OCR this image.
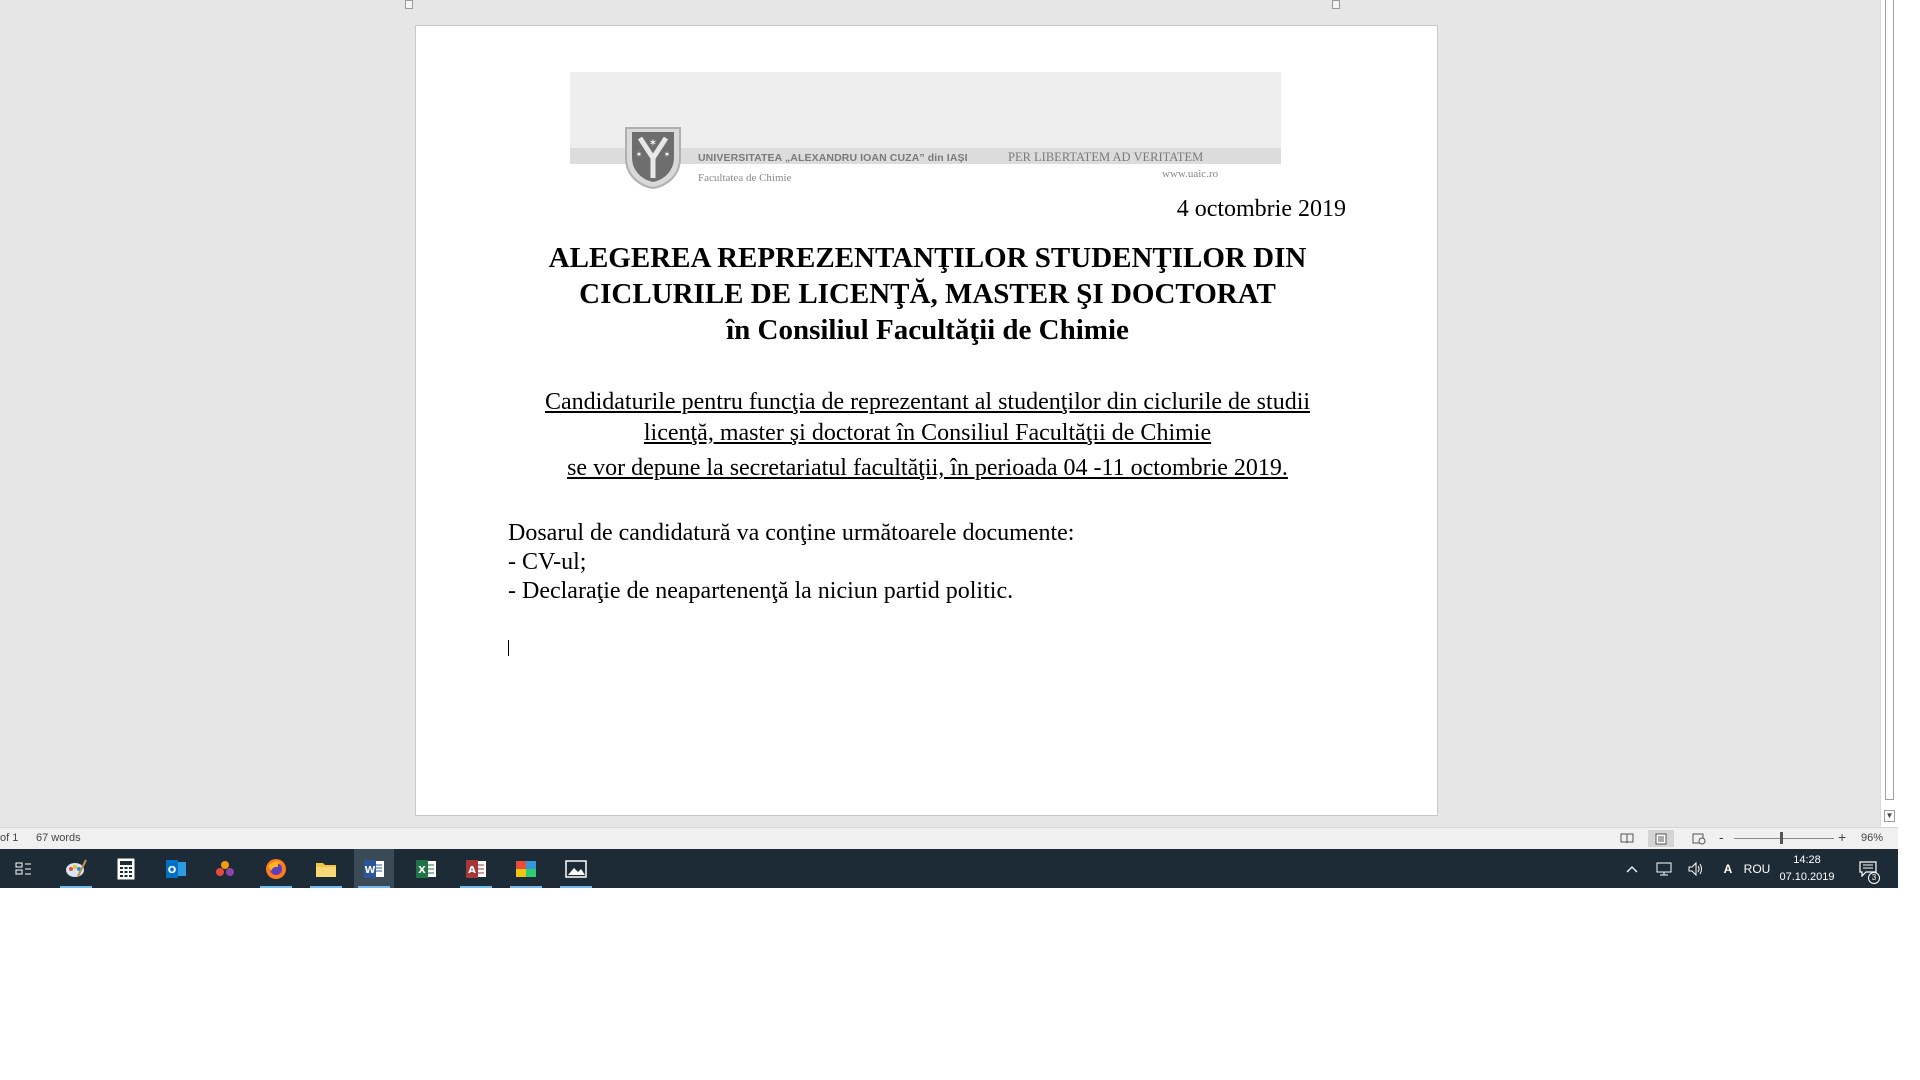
✶
✶	✶	UNIVERSITATEA „ALEXANDRU IOAN CUZA” din IAȘI	PER LIBERTATEM AD VERITATEM
Facultatea de Chimie	www.uaic.ro
4 octombrie 2019
ALEGEREA REPREZENTANŢILOR STUDENŢILOR DIN
CICLURILE DE LICENŢĂ, MASTER ŞI DOCTORAT
în Consiliul Facultăţii de Chimie
Candidaturile pentru funcţia de reprezentant al studenţilor din ciclurile de studii
licenţă, master şi doctorat în Consiliul Facultăţii de Chimie
se vor depune la secretariatul facultăţii, în perioada 04 -11 octombrie 2019.
Dosarul de candidatură va conţine următoarele documente:
- CV-ul;
- Declaraţie de neapartenenţă la niciun partid politic.
▼
of 1 67 words	-	+ 96%
O	W	X	A	A ROU
14:28
07.10.2019	3
